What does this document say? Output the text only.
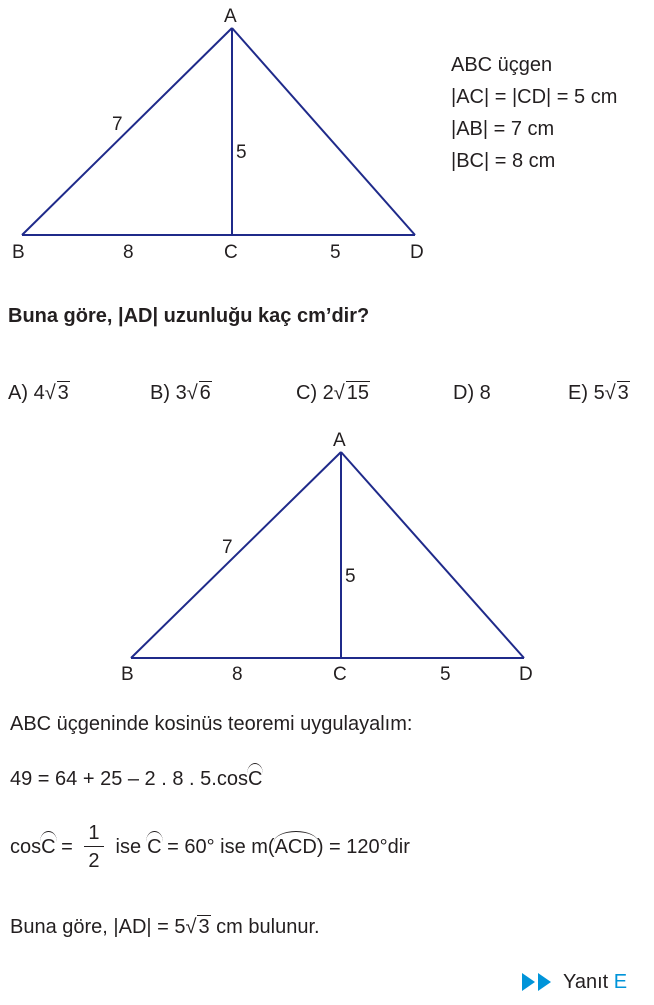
A
B	C	D
7
5
8	5
ABC üçgen
|AC| = |CD| = 5 cm
|AB| = 7 cm
|BC| = 8 cm
Buna göre, |AD| uzunluğu kaç cm’dir?
A) 4√ 3	B) 3√ 6	C) 2√ 15	D) 8	E) 5√ 3
A
B	C	D
7
5
8	5
ABC üçgeninde kosinüs teoremi uygulayalım:
49 = 64 + 25 – 2 . 8 . 5.cosC
$\cos C = \frac{1}{2}$ ise C = 60° ise m(ACD) = 120°dir
Buna göre, |AD| = 5√ 3 cm bulunur.
Yanıt E
